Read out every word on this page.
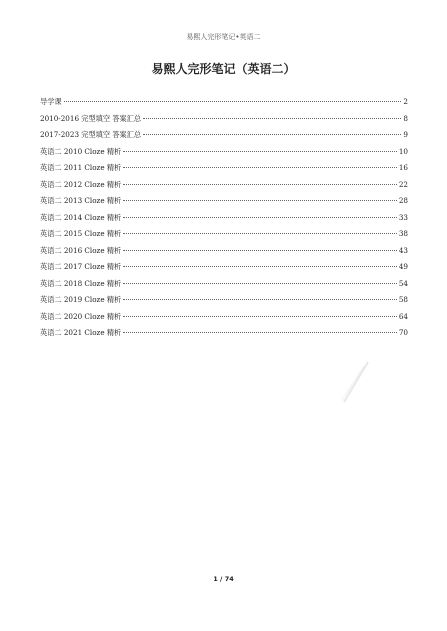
易熙人完形笔记•英语二
易熙人完形笔记（英语二）
导学课	2
2010-2016 完型填空 答案汇总	8
2017-2023 完型填空 答案汇总	9
英语二 2010 Cloze 精析	10
英语二 2011 Cloze 精析	16
英语二 2012 Cloze 精析	22
英语二 2013 Cloze 精析	28
英语二 2014 Cloze 精析	33
英语二 2015 Cloze 精析	38
英语二 2016 Cloze 精析	43
英语二 2017 Cloze 精析	49
英语二 2018 Cloze 精析	54
英语二 2019 Cloze 精析	58
英语二 2020 Cloze 精析	64
英语二 2021 Cloze 精析	70
1 / 74
